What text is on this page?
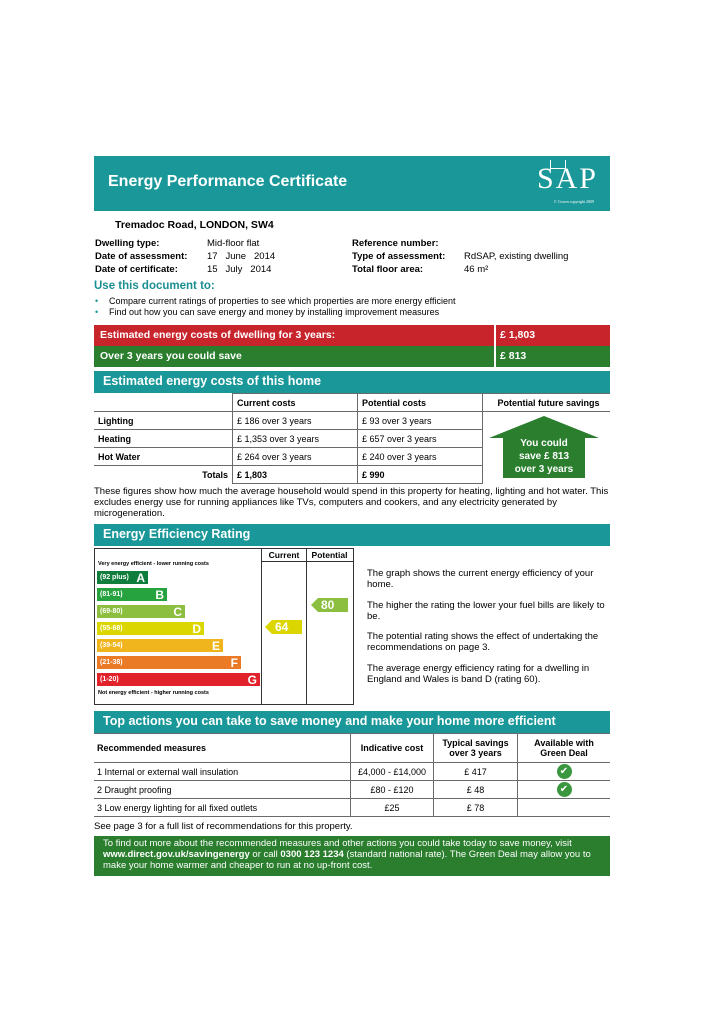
Energy Performance Certificate	SAP
© Crown copyright 2009
Tremadoc Road, LONDON, SW4
Dwelling type:	Mid-floor flat
Date of assessment: 17   June   2014
Date of certificate:	15   July   2014
Reference number:
Type of assessment: RdSAP, existing dwelling
Total floor area:	46 m²
Use this document to:
• Compare current ratings of properties to see which properties are more energy efficient
• Find out how you can save energy and money by installing improvement measures
Estimated energy costs of dwelling for 3 years:	£ 1,803
Over 3 years you could save	£ 813
Estimated energy costs of this home
	Current costs	Potential costs	Potential future savings
Lighting	£ 186 over 3 years	£ 93 over 3 years	
Heating	£ 1,353 over 3 years	£ 657 over 3 years	
Hot Water	£ 264 over 3 years	£ 240 over 3 years	
Totals	£ 1,803	£ 990	
You could
save £ 813
over 3 years
These figures show how much the average household would spend in this property for heating, lighting and hot water. This excludes energy use for running appliances like TVs, computers and cookers, and any electricity generated by microgeneration.
Energy Efficiency Rating
Very energy efficient - lower running costs
(92 plus) A
(81-91)	B
(69-80)	C
(55-68)	D
(39-54)	E
(21-38)	F
(1-20)	G
Not energy efficient - higher running costs
Current	Potential
64
80
The graph shows the current energy efficiency of your home.
The higher the rating the lower your fuel bills are likely to be.
The potential rating shows the effect of undertaking the recommendations on page 3.
The average energy efficiency rating for a dwelling in England and Wales is band D (rating 60).
Top actions you can take to save money and make your home more efficient
Recommended measures	Indicative cost	Typical savings over 3 years	Available with Green Deal
1 Internal or external wall insulation	£4,000 - £14,000	£ 417	✔
2 Draught proofing	£80 - £120	£ 48	✔
3 Low energy lighting for all fixed outlets	£25	£ 78	
See page 3 for a full list of recommendations for this property.
To find out more about the recommended measures and other actions you could take today to save money, visit www.direct.gov.uk/savingenergy or call 0300 123 1234 (standard national rate). The Green Deal may allow you to make your home warmer and cheaper to run at no up-front cost.
